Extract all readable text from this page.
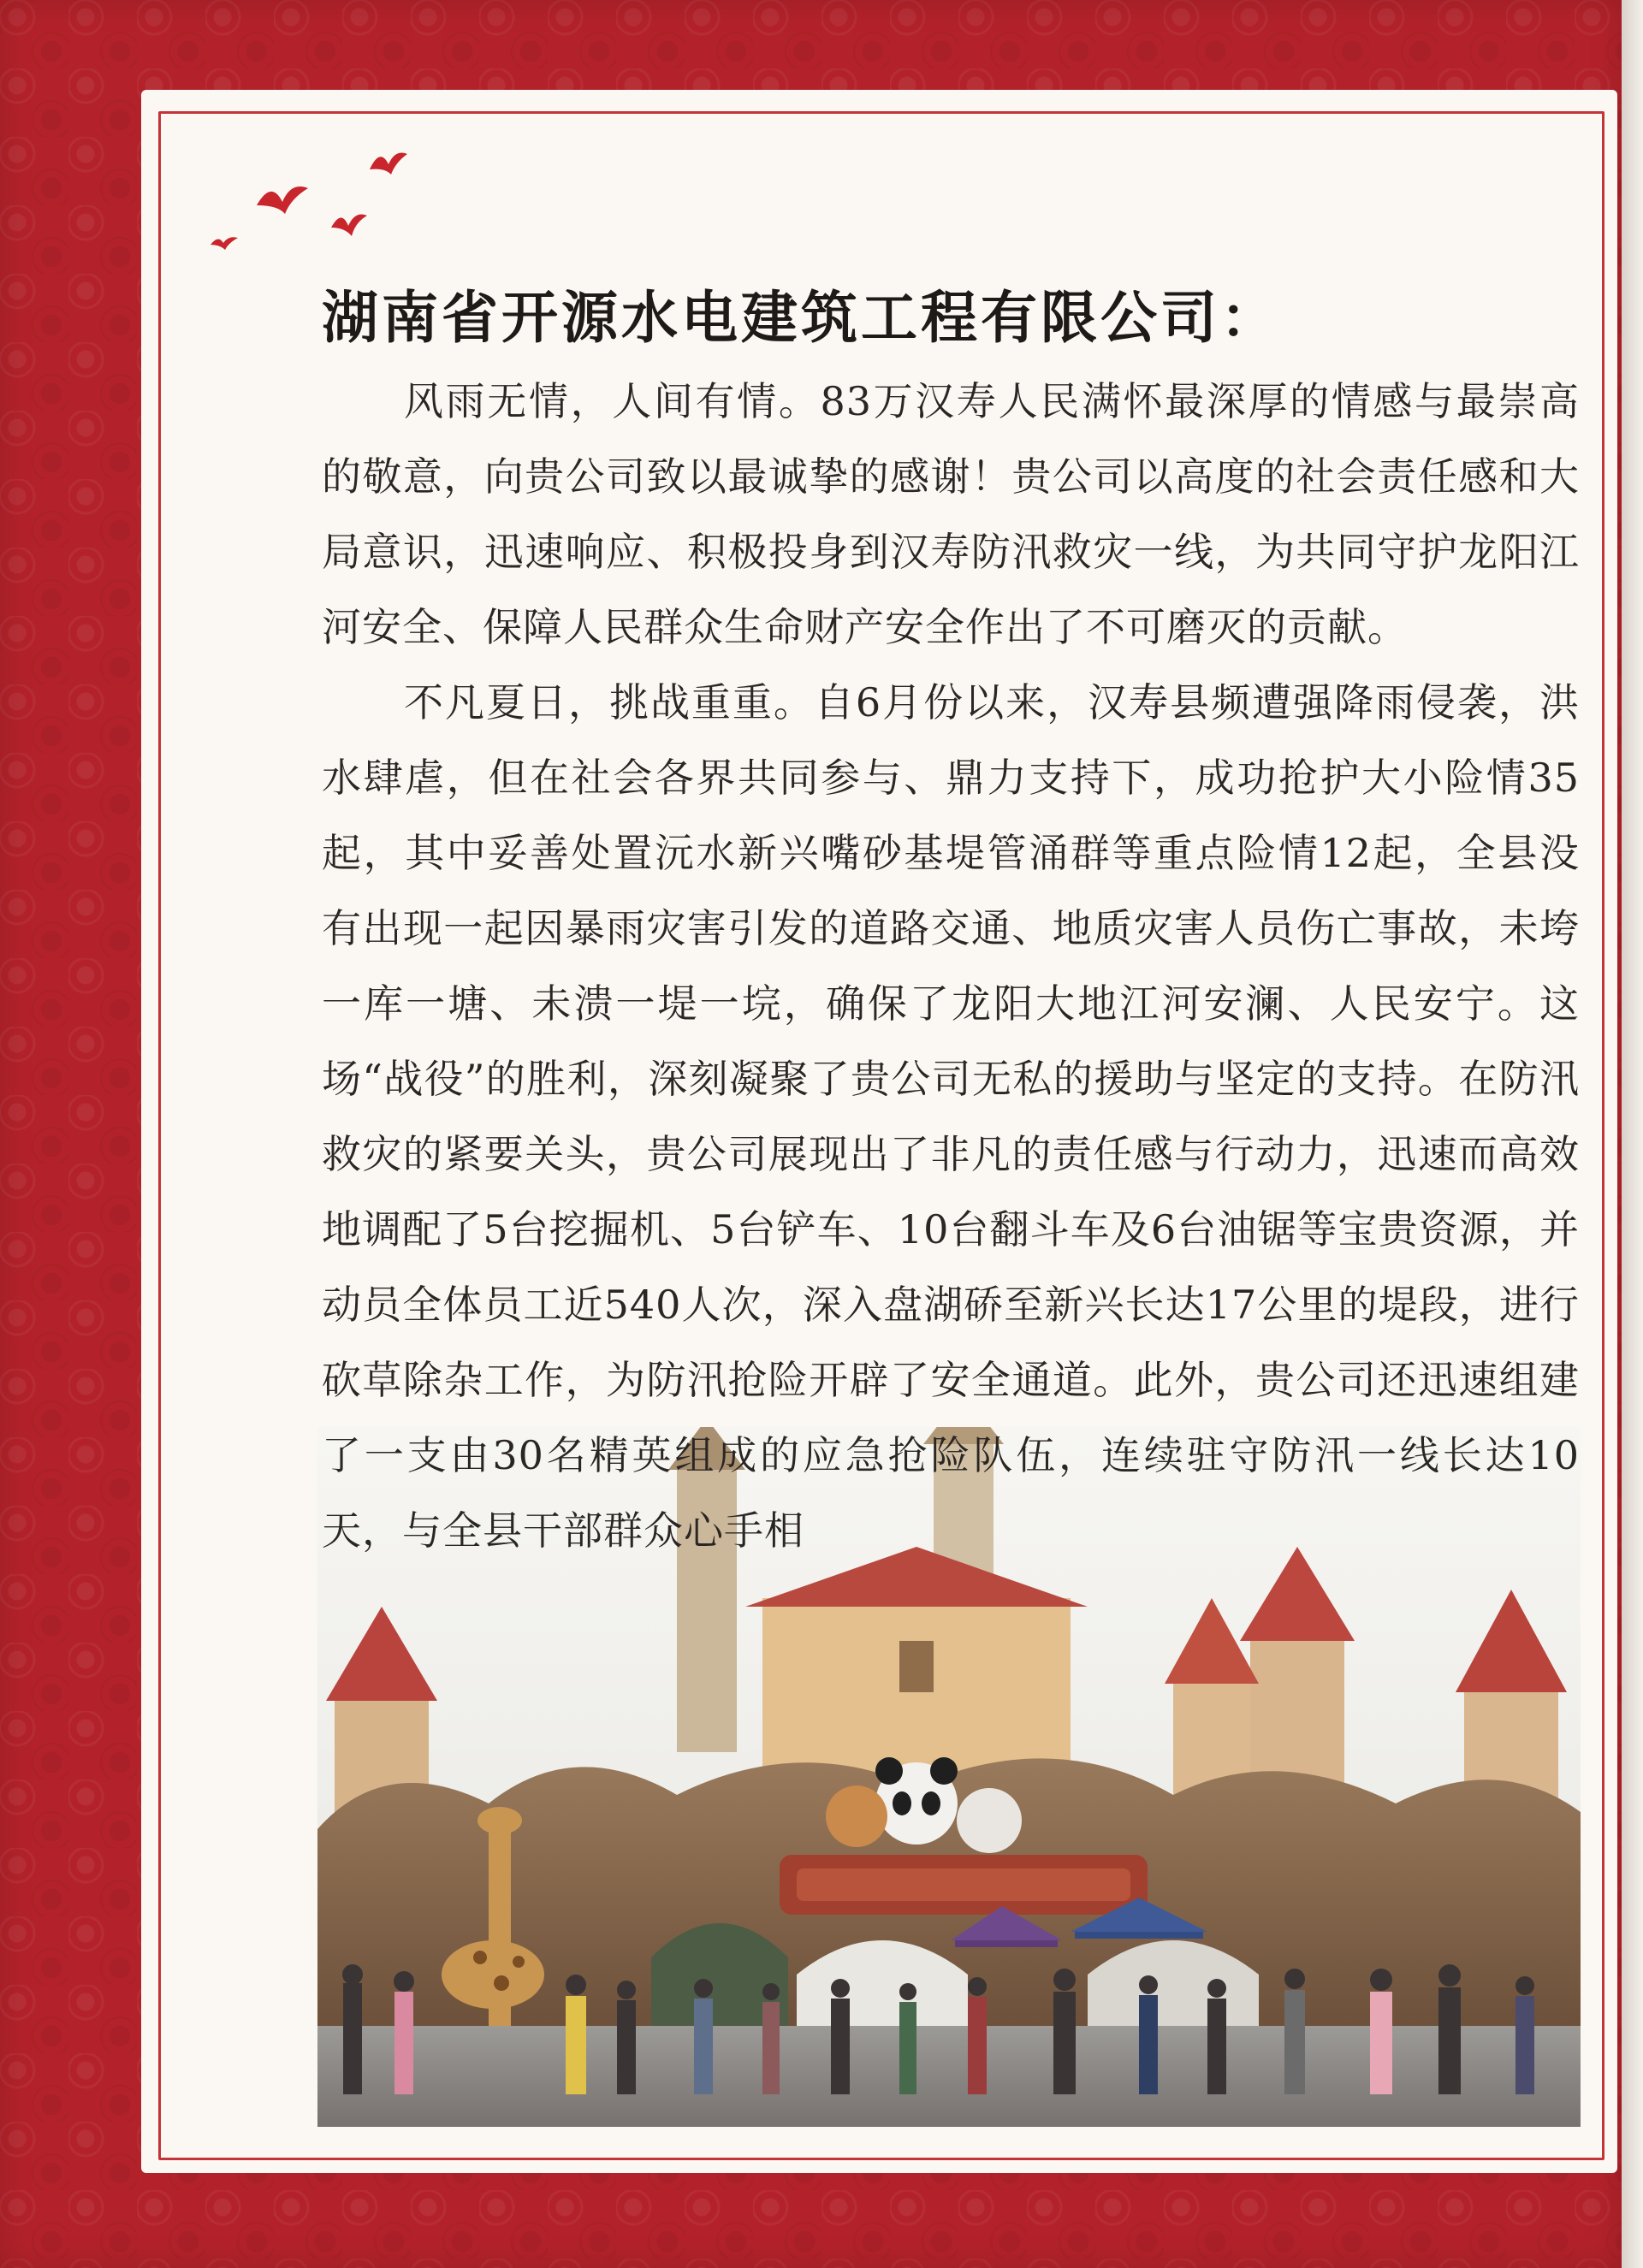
湖南省开源水电建筑工程有限公司：

风雨无情，人间有情。83万汉寿人民满怀最深厚的情感与最崇高的敬意，向贵公司致以最诚挚的感谢！贵公司以高度的社会责任感和大局意识，迅速响应、积极投身到汉寿防汛救灾一线，为共同守护龙阳江河安全、保障人民群众生命财产安全作出了不可磨灭的贡献。

不凡夏日，挑战重重。自6月份以来，汉寿县频遭强降雨侵袭，洪水肆虐，但在社会各界共同参与、鼎力支持下，成功抢护大小险情35起，其中妥善处置沅水新兴嘴砂基堤管涌群等重点险情12起，全县没有出现一起因暴雨灾害引发的道路交通、地质灾害人员伤亡事故，未垮一库一塘、未溃一堤一垸，确保了龙阳大地江河安澜、人民安宁。这场“战役”的胜利，深刻凝聚了贵公司无私的援助与坚定的支持。在防汛救灾的紧要关头，贵公司展现出了非凡的责任感与行动力，迅速而高效地调配了5台挖掘机、5台铲车、10台翻斗车及6台油锯等宝贵资源，并动员全体员工近540人次，深入盘湖硚至新兴长达17公里的堤段，进行砍草除杂工作，为防汛抢险开辟了安全通道。此外，贵公司还迅速组建了一支由30名精英组成的应急抢险队伍，连续驻守防汛一线长达10天，与全县干部群众心手相
